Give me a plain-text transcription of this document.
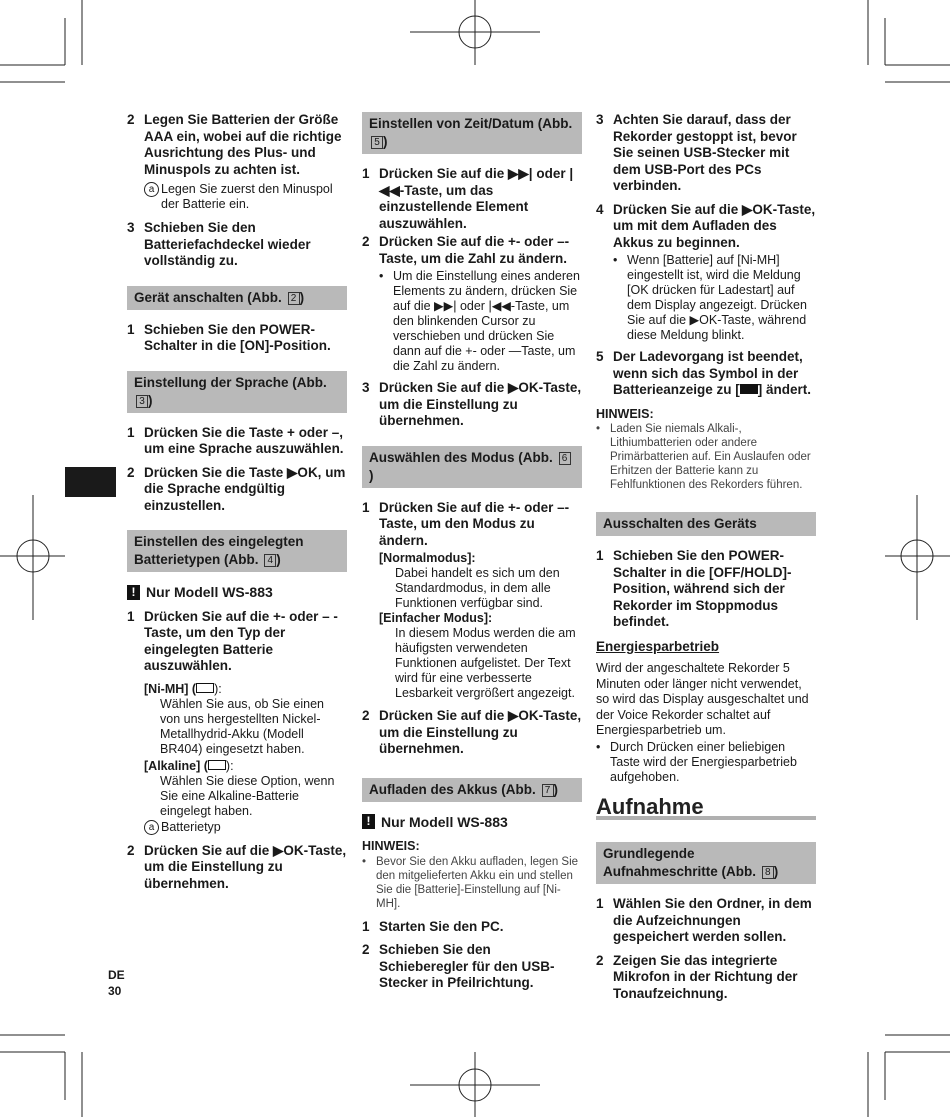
2 Legen Sie Batterien der Größe AAA ein, wobei auf die richtige Ausrichtung des Plus- und Minuspols zu achten ist.
a Legen Sie zuerst den Minuspol der Batterie ein.
3 Schieben Sie den Batteriefachdeckel wieder vollständig zu.
Gerät anschalten (Abb. 2 )
1 Schieben Sie den POWER-Schalter in die [ON]-Position.
Einstellung der Sprache (Abb. 3 )
1 Drücken Sie die Taste + oder –, um eine Sprache auszuwählen.
2 Drücken Sie die Taste ▶OK, um die Sprache endgültig einzustellen.
Einstellen des eingelegten Batterietypen (Abb. 4 )
! Nur Modell WS-883
1 Drücken Sie auf die +- oder – -Taste, um den Typ der eingelegten Batterie auszuwählen.
[Ni-MH] ( ):
Wählen Sie aus, ob Sie einen von uns hergestellten Nickel-Metallhydrid-Akku (Modell BR404) eingesetzt haben.
[Alkaline] ( ):
Wählen Sie diese Option, wenn Sie eine Alkaline-Batterie eingelegt haben.
a Batterietyp
2 Drücken Sie auf die ▶OK-Taste, um die Einstellung zu übernehmen.
Einstellen von Zeit/Datum (Abb. 5 )
1 Drücken Sie auf die ▶▶| oder |◀◀-Taste, um das einzustellende Element auszuwählen.
2 Drücken Sie auf die +- oder –-Taste, um die Zahl zu ändern.
• Um die Einstellung eines anderen Elements zu ändern, drücken Sie auf die ▶▶| oder |◀◀-Taste, um den blinkenden Cursor zu verschieben und drücken Sie dann auf die +- oder —Taste, um die Zahl zu ändern.
3 Drücken Sie auf die ▶OK-Taste, um die Einstellung zu übernehmen.
Auswählen des Modus (Abb. 6)
1 Drücken Sie auf die +- oder –-Taste, um den Modus zu ändern.
[Normalmodus]:
Dabei handelt es sich um den Standardmodus, in dem alle Funktionen verfügbar sind.
[Einfacher Modus]:
In diesem Modus werden die am häufigsten verwendeten Funktionen aufgelistet. Der Text wird für eine verbesserte Lesbarkeit vergrößert angezeigt.
2 Drücken Sie auf die ▶OK-Taste, um die Einstellung zu übernehmen.
Aufladen des Akkus (Abb. 7 )
! Nur Modell WS-883
HINWEIS:
• Bevor Sie den Akku aufladen, legen Sie den mitgelieferten Akku ein und stellen Sie die [Batterie]-Einstellung auf [Ni-MH].
1 Starten Sie den PC.
2 Schieben Sie den Schieberegler für den USB-Stecker in Pfeilrichtung.
3 Achten Sie darauf, dass der Rekorder gestoppt ist, bevor Sie seinen USB-Stecker mit dem USB-Port des PCs verbinden.
4 Drücken Sie auf die ▶OK-Taste, um mit dem Aufladen des Akkus zu beginnen.
• Wenn [Batterie] auf [Ni-MH] eingestellt ist, wird die Meldung [OK drücken für Ladestart] auf dem Display angezeigt. Drücken Sie auf die ▶OK-Taste, während diese Meldung blinkt.
5 Der Ladevorgang ist beendet, wenn sich das Symbol in der Batterieanzeige zu [ ] ändert.
HINWEIS:
• Laden Sie niemals Alkali-, Lithiumbatterien oder andere Primärbatterien auf. Ein Auslaufen oder Erhitzen der Batterie kann zu Fehlfunktionen des Rekorders führen.
Ausschalten des Geräts
1 Schieben Sie den POWER-Schalter in die [OFF/HOLD]-Position, während sich der Rekorder im Stoppmodus befindet.
Energiesparbetrieb
Wird der angeschaltete Rekorder 5 Minuten oder länger nicht verwendet, so wird das Display ausgeschaltet und der Voice Rekorder schaltet auf Energiesparbetrieb um.
• Durch Drücken einer beliebigen Taste wird der Energiesparbetrieb aufgehoben.
Aufnahme
Grundlegende Aufnahmeschritte (Abb. 8 )
1 Wählen Sie den Ordner, in dem die Aufzeichnungen gespeichert werden sollen.
2 Zeigen Sie das integrierte Mikrofon in der Richtung der Tonaufzeichnung.
DE
30
